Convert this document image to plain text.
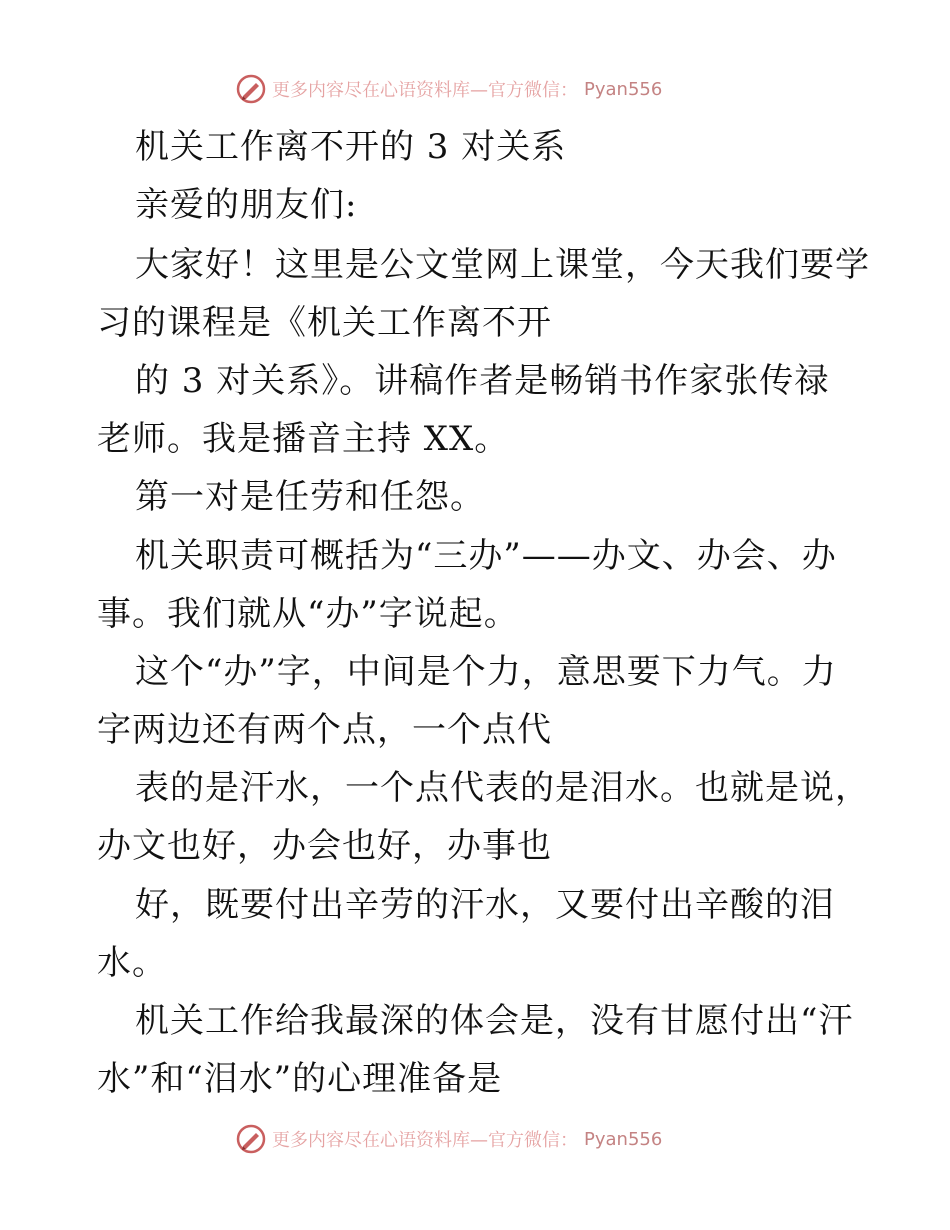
更多内容尽在心语资料库—官方微信： Pyan556

机关工作离不开的 3 对关系

亲爱的朋友们:

大家好！这里是公文堂网上课堂，今天我们要学

习的课程是《机关工作离不开

的 3 对关系》。讲稿作者是畅销书作家张传禄

老师。我是播音主持 XX。

第一对是任劳和任怨。

机关职责可概括为“三办”——办文、办会、办

事。我们就从“办”字说起。

这个“办”字，中间是个力，意思要下力气。力

字两边还有两个点，一个点代

表的是汗水，一个点代表的是泪水。也就是说，

办文也好，办会也好，办事也

好，既要付出辛劳的汗水，又要付出辛酸的泪

水。

机关工作给我最深的体会是，没有甘愿付出“汗

水”和“泪水”的心理准备是

更多内容尽在心语资料库—官方微信： Pyan556
